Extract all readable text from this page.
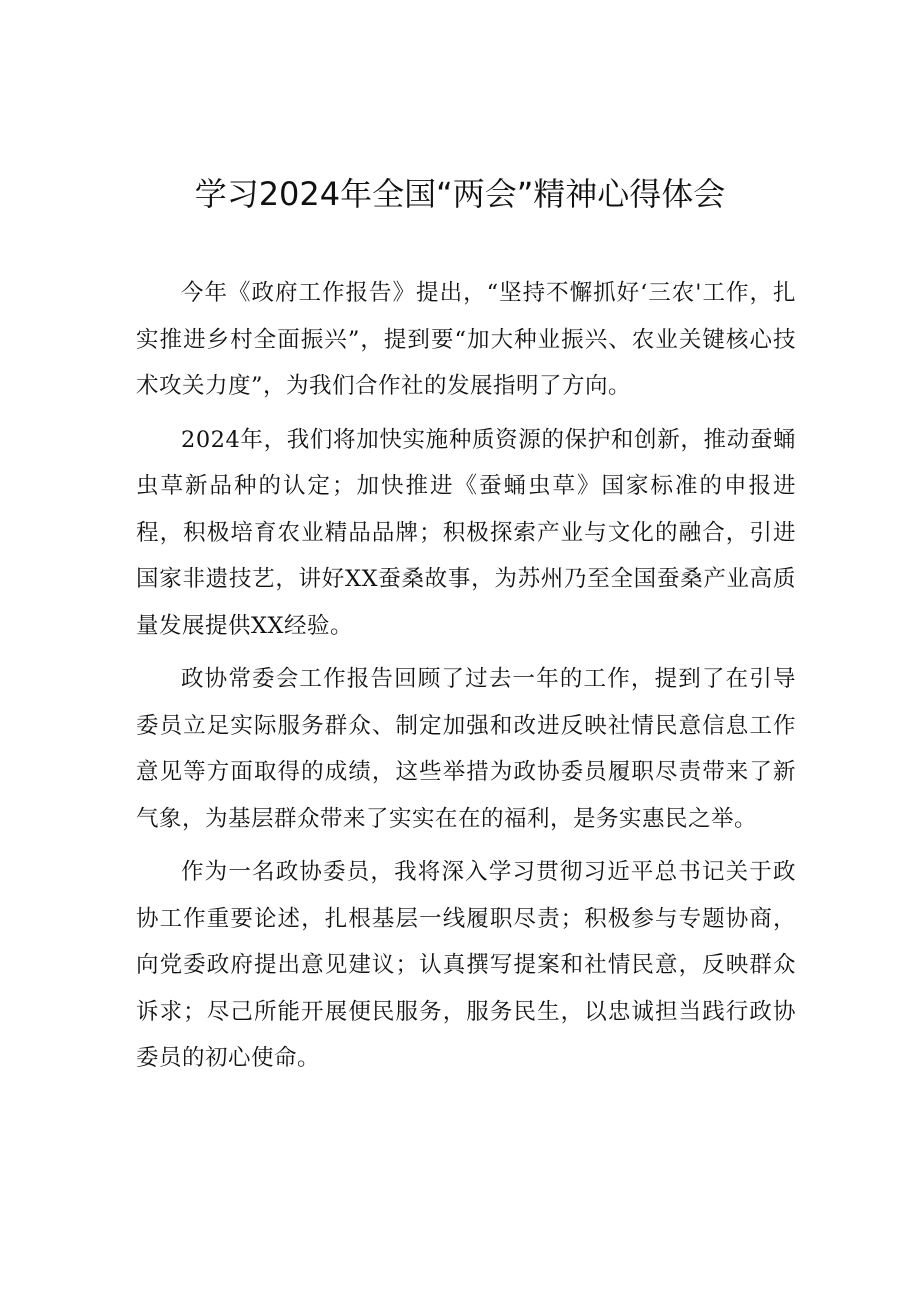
学习2024年全国“两会”精神心得体会

今年《政府工作报告》提出，“坚持不懈抓好‘三农'工作，扎实推进乡村全面振兴”，提到要“加大种业振兴、农业关键核心技术攻关力度”，为我们合作社的发展指明了方向。

2024年，我们将加快实施种质资源的保护和创新，推动蚕蛹虫草新品种的认定；加快推进《蚕蛹虫草》国家标准的申报进程，积极培育农业精品品牌；积极探索产业与文化的融合，引进国家非遗技艺，讲好XX蚕桑故事，为苏州乃至全国蚕桑产业高质量发展提供XX经验。

政协常委会工作报告回顾了过去一年的工作，提到了在引导委员立足实际服务群众、制定加强和改进反映社情民意信息工作意见等方面取得的成绩，这些举措为政协委员履职尽责带来了新气象，为基层群众带来了实实在在的福利，是务实惠民之举。

作为一名政协委员，我将深入学习贯彻习近平总书记关于政协工作重要论述，扎根基层一线履职尽责；积极参与专题协商，向党委政府提出意见建议；认真撰写提案和社情民意，反映群众诉求；尽己所能开展便民服务，服务民生，以忠诚担当践行政协委员的初心使命。
